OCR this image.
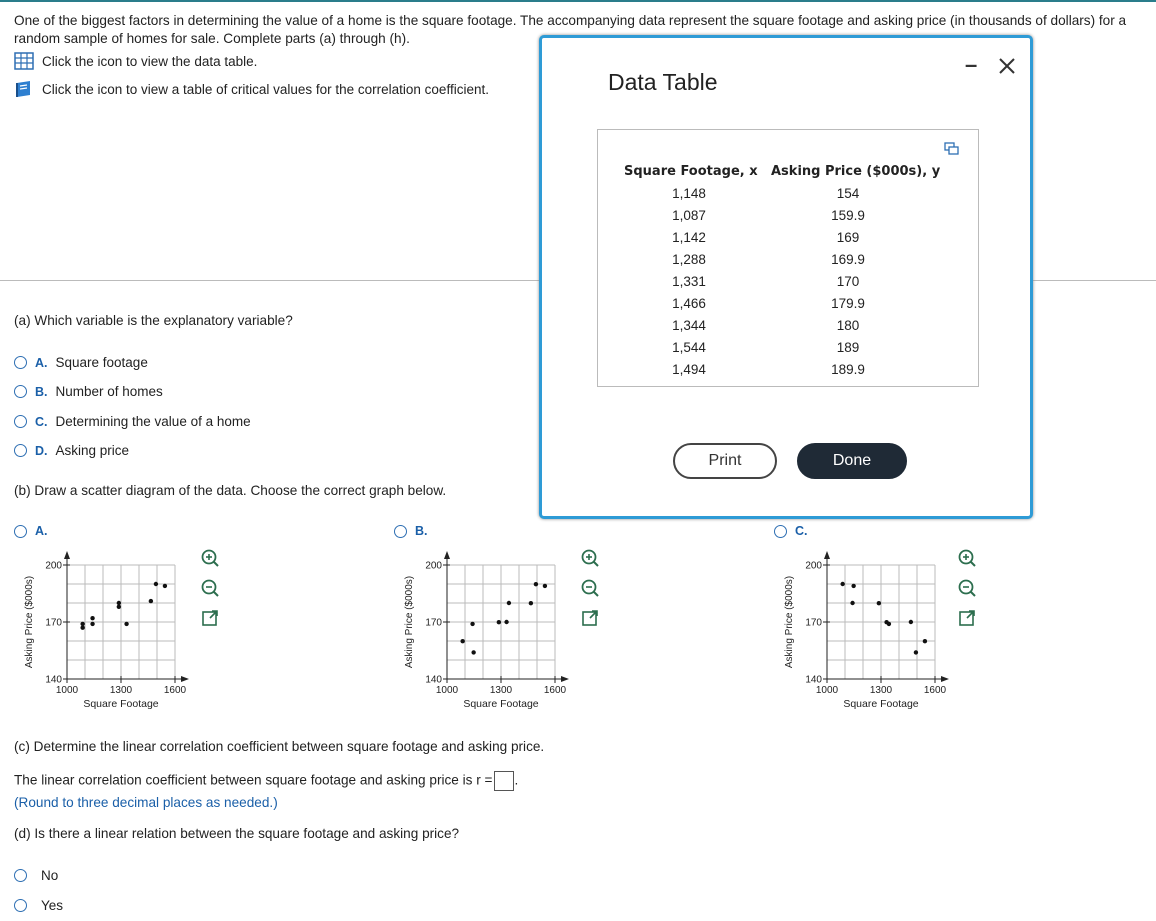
One of the biggest factors in determining the value of a home is the square footage. The accompanying data represent the square footage and asking price (in thousands of dollars) for a random sample of homes for sale. Complete parts (a) through (h).
Click the icon to view the data table.
Click the icon to view a table of critical values for the correlation coefficient.
(a) Which variable is the explanatory variable?
A. Square footage
B. Number of homes
C. Determining the value of a home
D. Asking price
(b) Draw a scatter diagram of the data. Choose the correct graph below.
A.	B.	C.
140
170
200
1000	1300	1600
Square Footage
Asking Price ($000s)
140
170
200
1000	1300	1600
Square Footage
Asking Price ($000s)
140
170
200
1000	1300	1600
Square Footage
Asking Price ($000s)
(c) Determine the linear correlation coefficient between square footage and asking price.
The linear correlation coefficient between square footage and asking price is r = .
(Round to three decimal places as needed.)
(d) Is there a linear relation between the square footage and asking price?
No
Yes
Data Table
–
Square Footage, x Asking Price ($000s), y
1,148	154
1,087	159.9
1,142	169
1,288	169.9
1,331	170
1,466	179.9
1,344	180
1,544	189
1,494	189.9
Print	Done
